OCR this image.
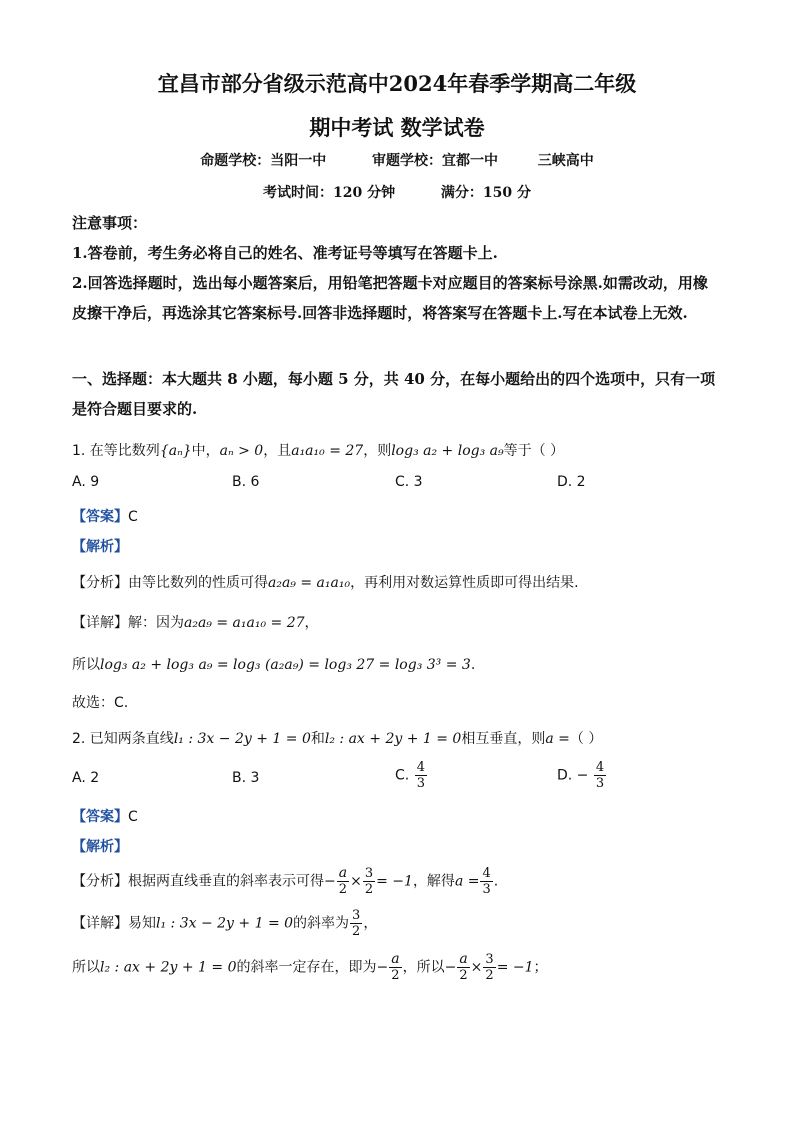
宜昌市部分省级示范高中2024年春季学期高二年级
期中考试 数学试卷
命题学校：当阳一中	审题学校：宜都一中	三峡高中
考试时间：120 分钟	满分：150 分
注意事项：
1.答卷前，考生务必将自己的姓名、准考证号等填写在答题卡上.
2.回答选择题时，选出每小题答案后，用铅笔把答题卡对应题目的答案标号涂黑.如需改动，用橡皮擦干净后，再选涂其它答案标号.回答非选择题时，将答案写在答题卡上.写在本试卷上无效.
一、选择题：本大题共 8 小题，每小题 5 分，共 40 分，在每小题给出的四个选项中，只有一项是符合题目要求的.
1. 在等比数列{aₙ}中，aₙ > 0，且a₁a₁₀ = 27，则log₃ a₂ + log₃ a₉等于（ ）
A. 9	B. 6	C. 3	D. 2
【答案】C
【解析】
【分析】由等比数列的性质可得a₂a₉ = a₁a₁₀，再利用对数运算性质即可得出结果.
【详解】解：因为a₂a₉ = a₁a₁₀ = 27，
所以log₃ a₂ + log₃ a₉ = log₃ (a₂a₉) = log₃ 27 = log₃ 3³ = 3.
故选：C.
2. 已知两条直线l₁ : 3x − 2y + 1 = 0和l₂ : ax + 2y + 1 = 0相互垂直，则a =（ ）
A. 2	B. 3	C. $\frac{4}{3}$	D. − $\frac{4}{3}$
【答案】C
【解析】
【分析】根据两直线垂直的斜率表示可得− $\frac{a}{2} \times \frac{3}{2} = -1$，解得$a = \frac{4}{3}$ .
【详解】易知l₁ : 3x − 2y + 1 = 0的斜率为 $\frac{3}{2}$ ，
所以l₂ : ax + 2y + 1 = 0的斜率一定存在，即为− $\frac{a}{2}$ ，所以− $\frac{a}{2} \times \frac{3}{2} = -1$；
